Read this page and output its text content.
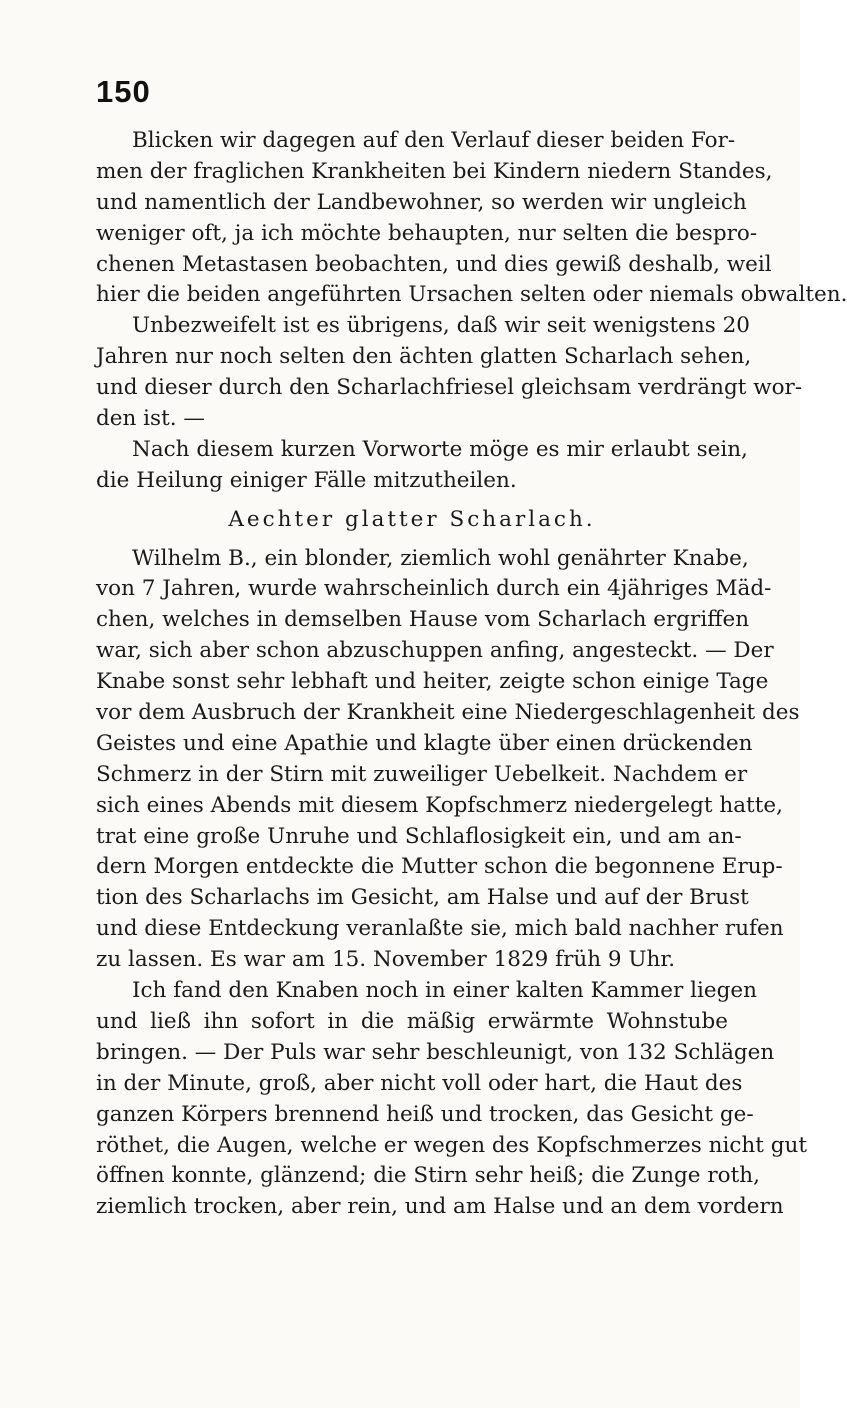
150
Blicken wir dagegen auf den Verlauf dieser beiden For-
men der fraglichen Krankheiten bei Kindern niedern Standes,
und namentlich der Landbewohner, so werden wir ungleich
weniger oft, ja ich möchte behaupten, nur selten die bespro-
chenen Metastasen beobachten, und dies gewiß deshalb, weil
hier die beiden angeführten Ursachen selten oder niemals obwalten.
Unbezweifelt ist es übrigens, daß wir seit wenigstens 20
Jahren nur noch selten den ächten glatten Scharlach sehen,
und dieser durch den Scharlachfriesel gleichsam verdrängt wor-
den ist. —
Nach diesem kurzen Vorworte möge es mir erlaubt sein,
die Heilung einiger Fälle mitzutheilen.
Aechter glatter Scharlach.
Wilhelm B., ein blonder, ziemlich wohl genährter Knabe,
von 7 Jahren, wurde wahrscheinlich durch ein 4jähriges Mäd-
chen, welches in demselben Hause vom Scharlach ergriffen
war, sich aber schon abzuschuppen anfing, angesteckt. — Der
Knabe sonst sehr lebhaft und heiter, zeigte schon einige Tage
vor dem Ausbruch der Krankheit eine Niedergeschlagenheit des
Geistes und eine Apathie und klagte über einen drückenden
Schmerz in der Stirn mit zuweiliger Uebelkeit. Nachdem er
sich eines Abends mit diesem Kopfschmerz niedergelegt hatte,
trat eine große Unruhe und Schlaflosigkeit ein, und am an-
dern Morgen entdeckte die Mutter schon die begonnene Erup-
tion des Scharlachs im Gesicht, am Halse und auf der Brust
und diese Entdeckung veranlaßte sie, mich bald nachher rufen
zu lassen. Es war am 15. November 1829 früh 9 Uhr.
Ich fand den Knaben noch in einer kalten Kammer liegen
und ließ ihn sofort in die mäßig erwärmte Wohnstube
bringen. — Der Puls war sehr beschleunigt, von 132 Schlägen
in der Minute, groß, aber nicht voll oder hart, die Haut des
ganzen Körpers brennend heiß und trocken, das Gesicht ge-
röthet, die Augen, welche er wegen des Kopfschmerzes nicht gut
öffnen konnte, glänzend; die Stirn sehr heiß; die Zunge roth,
ziemlich trocken, aber rein, und am Halse und an dem vordern
